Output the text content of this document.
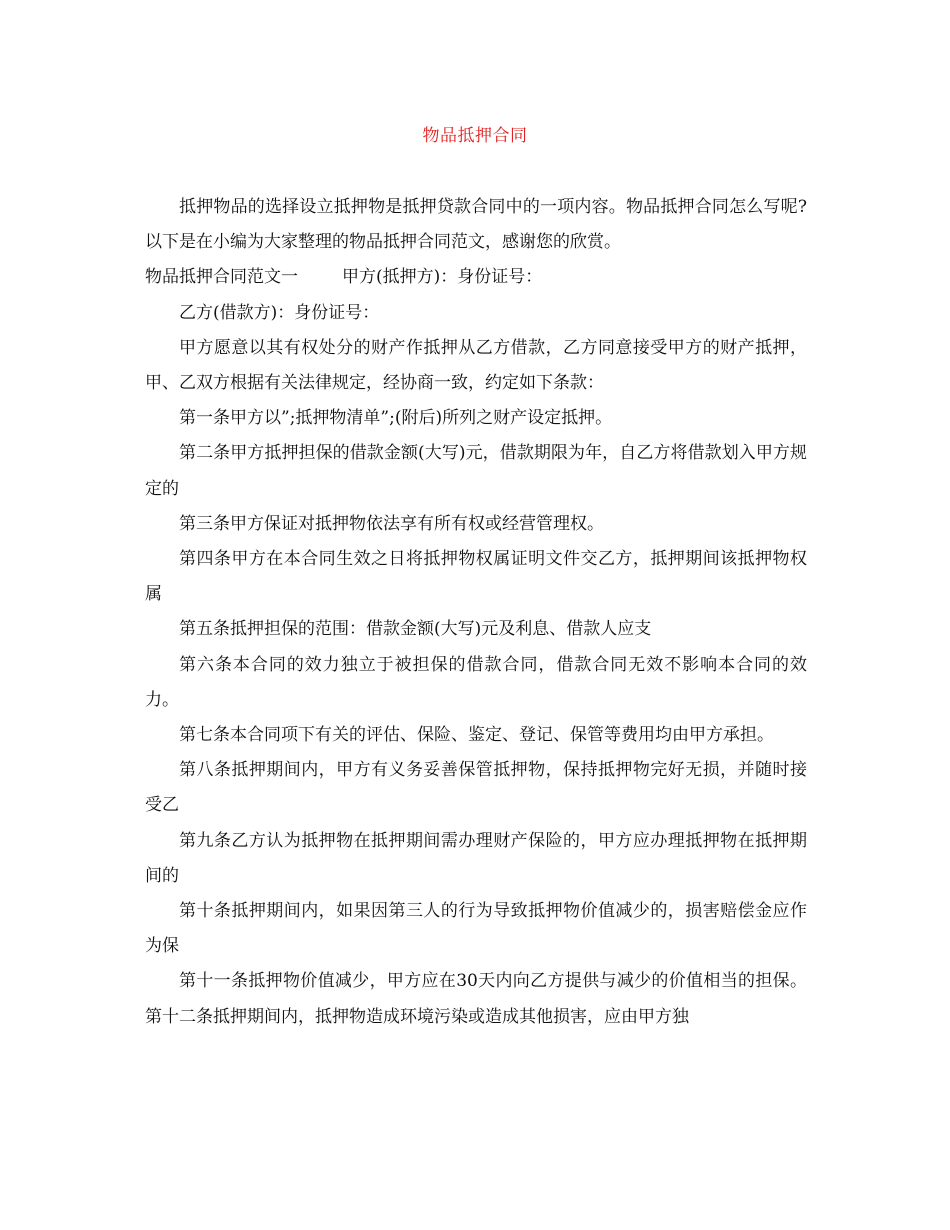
物品抵押合同

抵押物品的选择设立抵押物是抵押贷款合同中的一项内容。物品抵押合同怎么写呢?以下是在小编为大家整理的物品抵押合同范文，感谢您的欣赏。

物品抵押合同范文一	甲方(抵押方)：身份证号：

乙方(借款方)：身份证号：

甲方愿意以其有权处分的财产作抵押从乙方借款，乙方同意接受甲方的财产抵押，甲、乙双方根据有关法律规定，经协商一致，约定如下条款：

第一条甲方以”;抵押物清单”;(附后)所列之财产设定抵押。

第二条甲方抵押担保的借款金额(大写)元，借款期限为年，自乙方将借款划入甲方规定的

第三条甲方保证对抵押物依法享有所有权或经营管理权。

第四条甲方在本合同生效之日将抵押物权属证明文件交乙方，抵押期间该抵押物权属

第五条抵押担保的范围：借款金额(大写)元及利息、借款人应支

第六条本合同的效力独立于被担保的借款合同，借款合同无效不影响本合同的效力。

第七条本合同项下有关的评估、保险、鉴定、登记、保管等费用均由甲方承担。

第八条抵押期间内，甲方有义务妥善保管抵押物，保持抵押物完好无损，并随时接受乙

第九条乙方认为抵押物在抵押期间需办理财产保险的，甲方应办理抵押物在抵押期间的

第十条抵押期间内，如果因第三人的行为导致抵押物价值减少的，损害赔偿金应作为保

第十一条抵押物价值减少，甲方应在30天内向乙方提供与减少的价值相当的担保。 第十二条抵押期间内，抵押物造成环境污染或造成其他损害，应由甲方独
